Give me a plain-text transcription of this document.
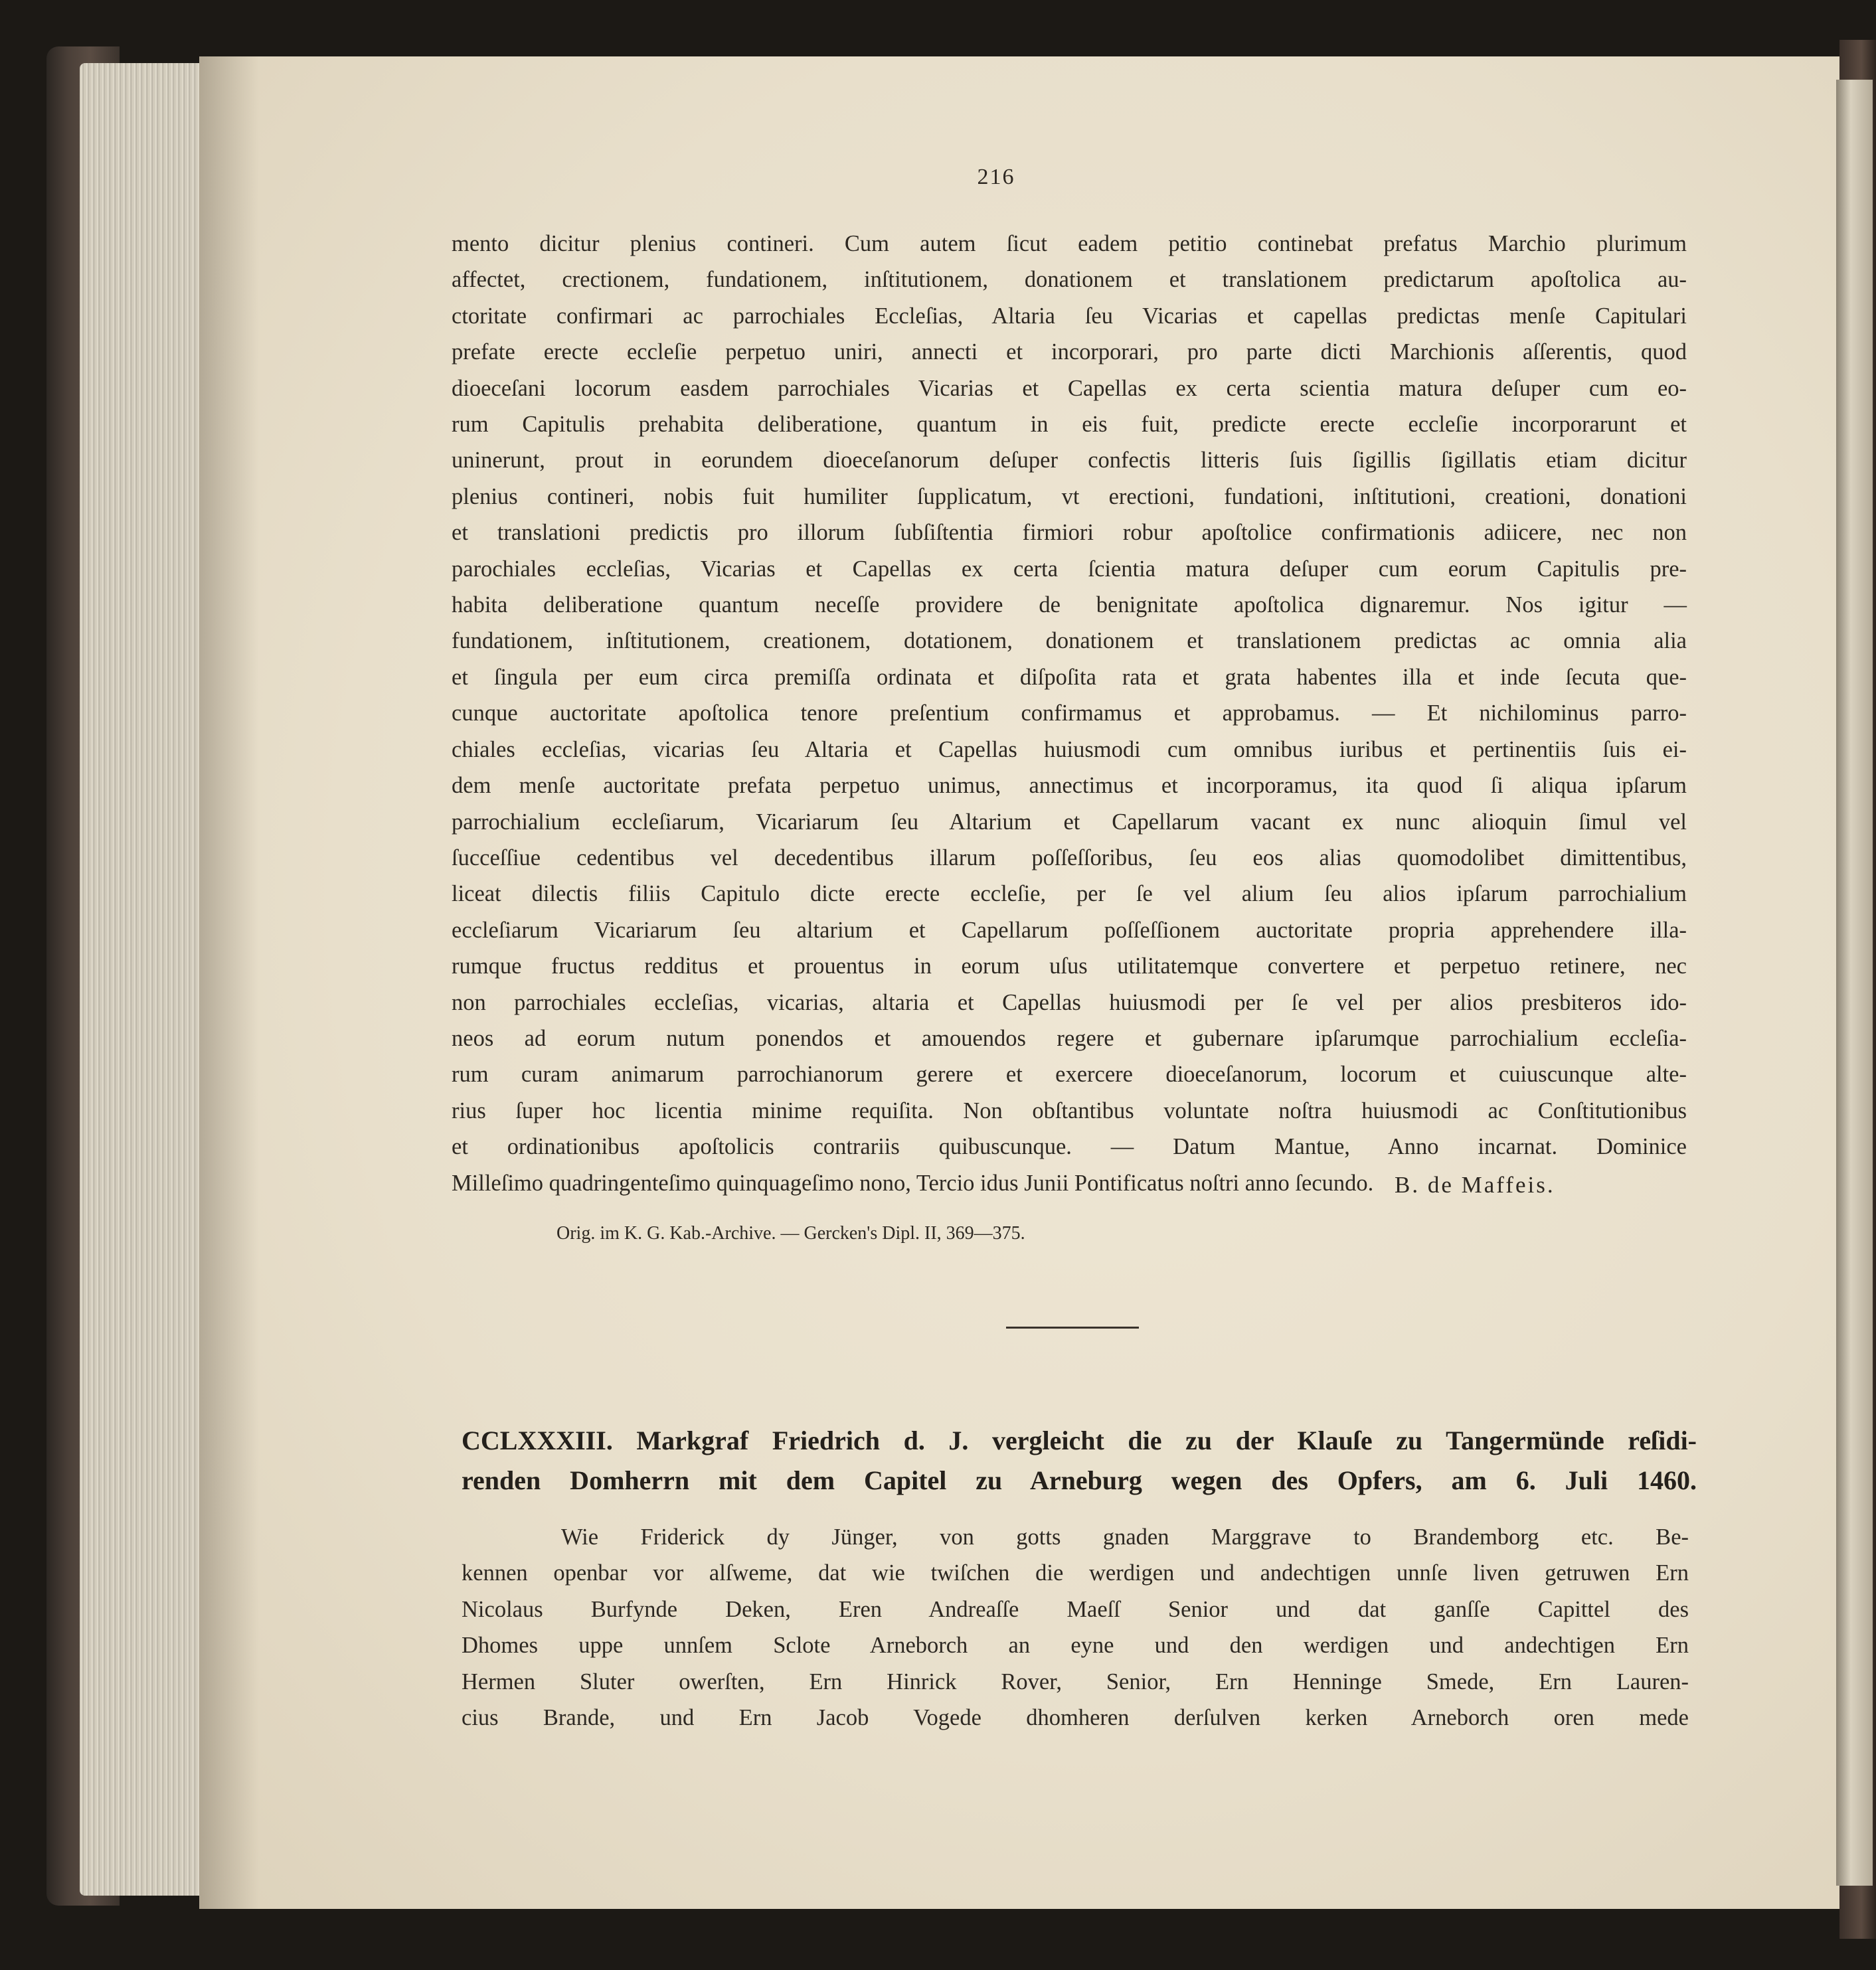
216
mento dicitur plenius contineri. Cum autem ſicut eadem petitio continebat prefatus Marchio plurimum
affectet, crectionem, fundationem, inſtitutionem, donationem et translationem predictarum apoſtolica au-
ctoritate confirmari ac parrochiales Eccleſias, Altaria ſeu Vicarias et capellas predictas menſe Capitulari
prefate erecte eccleſie perpetuo uniri, annecti et incorporari, pro parte dicti Marchionis aſſerentis, quod
dioeceſani locorum easdem parrochiales Vicarias et Capellas ex certa scientia matura deſuper cum eo-
rum Capitulis prehabita deliberatione, quantum in eis fuit, predicte erecte eccleſie incorporarunt et
uninerunt, prout in eorundem dioeceſanorum deſuper confectis litteris ſuis ſigillis ſigillatis etiam dicitur
plenius contineri, nobis fuit humiliter ſupplicatum, vt erectioni, fundationi, inſtitutioni, creationi, donationi
et translationi predictis pro illorum ſubſiſtentia firmiori robur apoſtolice confirmationis adiicere, nec non
parochiales eccleſias, Vicarias et Capellas ex certa ſcientia matura deſuper cum eorum Capitulis pre-
habita deliberatione quantum neceſſe providere de benignitate apoſtolica dignaremur. Nos igitur —
fundationem, inſtitutionem, creationem, dotationem, donationem et translationem predictas ac omnia alia
et ſingula per eum circa premiſſa ordinata et diſpoſita rata et grata habentes illa et inde ſecuta que-
cunque auctoritate apoſtolica tenore preſentium confirmamus et approbamus. — Et nichilominus parro-
chiales eccleſias, vicarias ſeu Altaria et Capellas huiusmodi cum omnibus iuribus et pertinentiis ſuis ei-
dem menſe auctoritate prefata perpetuo unimus, annectimus et incorporamus, ita quod ſi aliqua ipſarum
parrochialium eccleſiarum, Vicariarum ſeu Altarium et Capellarum vacant ex nunc alioquin ſimul vel
ſucceſſiue cedentibus vel decedentibus illarum poſſeſſoribus, ſeu eos alias quomodolibet dimittentibus,
liceat dilectis filiis Capitulo dicte erecte eccleſie, per ſe vel alium ſeu alios ipſarum parrochialium
eccleſiarum Vicariarum ſeu altarium et Capellarum poſſeſſionem auctoritate propria apprehendere illa-
rumque fructus redditus et prouentus in eorum uſus utilitatemque convertere et perpetuo retinere, nec
non parrochiales eccleſias, vicarias, altaria et Capellas huiusmodi per ſe vel per alios presbiteros ido-
neos ad eorum nutum ponendos et amouendos regere et gubernare ipſarumque parrochialium eccleſia-
rum curam animarum parrochianorum gerere et exercere dioeceſanorum, locorum et cuiuscunque alte-
rius ſuper hoc licentia minime requiſita. Non obſtantibus voluntate noſtra huiusmodi ac Conſtitutionibus
et ordinationibus apoſtolicis contrariis quibuscunque. — Datum Mantue, Anno incarnat. Dominice
Milleſimo quadringenteſimo quinquageſimo nono, Tercio idus Junii Pontificatus noſtri anno ſecundo. B. de Maffeis.
Orig. im K. G. Kab.-Archive. — Gercken's Dipl. II, 369—375.
CCLXXXIII. Markgraf Friedrich d. J. vergleicht die zu der Klauſe zu Tangermünde reſidi-
renden Domherrn mit dem Capitel zu Arneburg wegen des Opfers, am 6. Juli 1460.
Wie Friderick dy Jünger, von gotts gnaden Marggrave to Brandemborg etc. Be-
kennen openbar vor alſweme, dat wie twiſchen die werdigen und andechtigen unnſe liven getruwen Ern
Nicolaus Burfynde Deken, Eren Andreaſſe Maeſſ Senior und dat ganſſe Capittel des
Dhomes uppe unnſem Sclote Arneborch an eyne und den werdigen und andechtigen Ern
Hermen Sluter owerſten, Ern Hinrick Rover, Senior, Ern Henninge Smede, Ern Lauren-
cius Brande, und Ern Jacob Vogede dhomheren derſulven kerken Arneborch oren mede
